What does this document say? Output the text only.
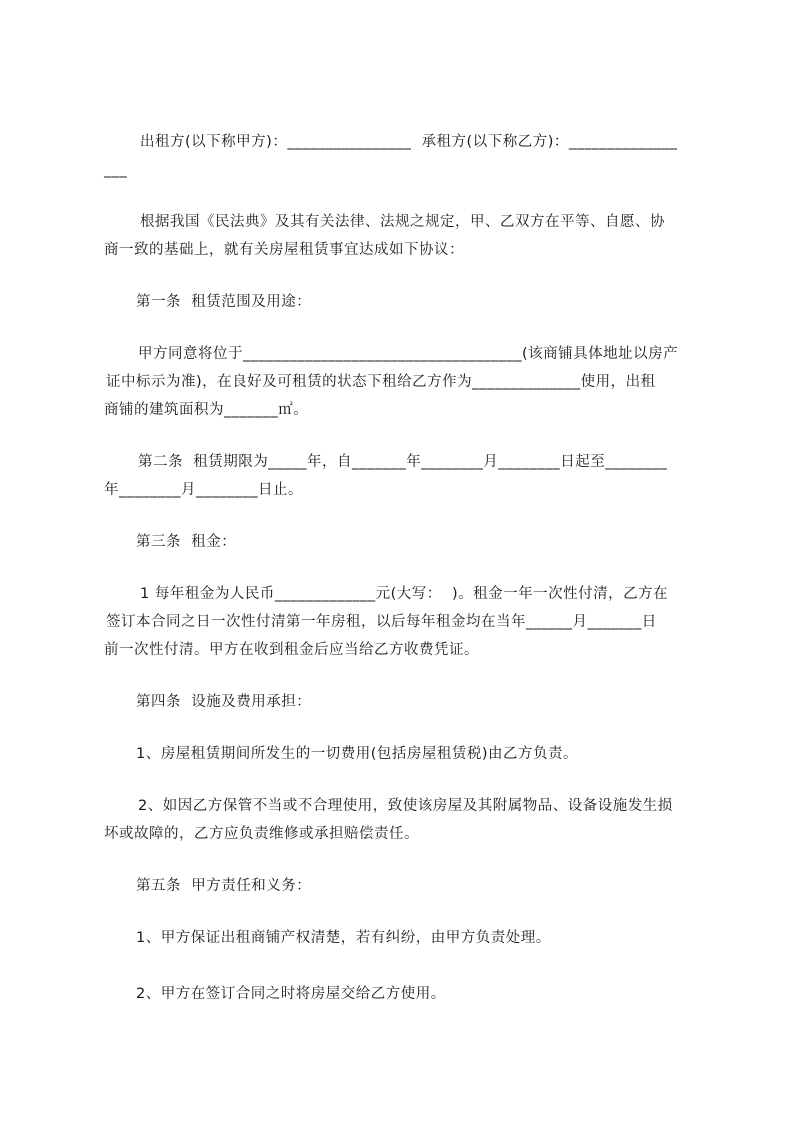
出租方(以下称甲方)：________________  承租方(以下称乙方)：______________
___
根据我国《民法典》及其有关法律、法规之规定，甲、乙双方在平等、自愿、协
商一致的基础上，就有关房屋租赁事宜达成如下协议：
第一条  租赁范围及用途：
甲方同意将位于____________________________________(该商铺具体地址以房产
证中标示为准)，在良好及可租赁的状态下租给乙方作为______________使用，出租
商铺的建筑面积为_______㎡。
第二条  租赁期限为_____年，自_______年________月________日起至________
年________月________日止。
第三条  租金：
1 每年租金为人民币_____________元(大写：  )。租金一年一次性付清，乙方在
签订本合同之日一次性付清第一年房租，以后每年租金均在当年______月_______日
前一次性付清。甲方在收到租金后应当给乙方收费凭证。
第四条  设施及费用承担：
1、房屋租赁期间所发生的一切费用(包括房屋租赁税)由乙方负责。
2、如因乙方保管不当或不合理使用，致使该房屋及其附属物品、设备设施发生损
坏或故障的，乙方应负责维修或承担赔偿责任。
第五条  甲方责任和义务：
1、甲方保证出租商铺产权清楚，若有纠纷，由甲方负责处理。
2、甲方在签订合同之时将房屋交给乙方使用。
